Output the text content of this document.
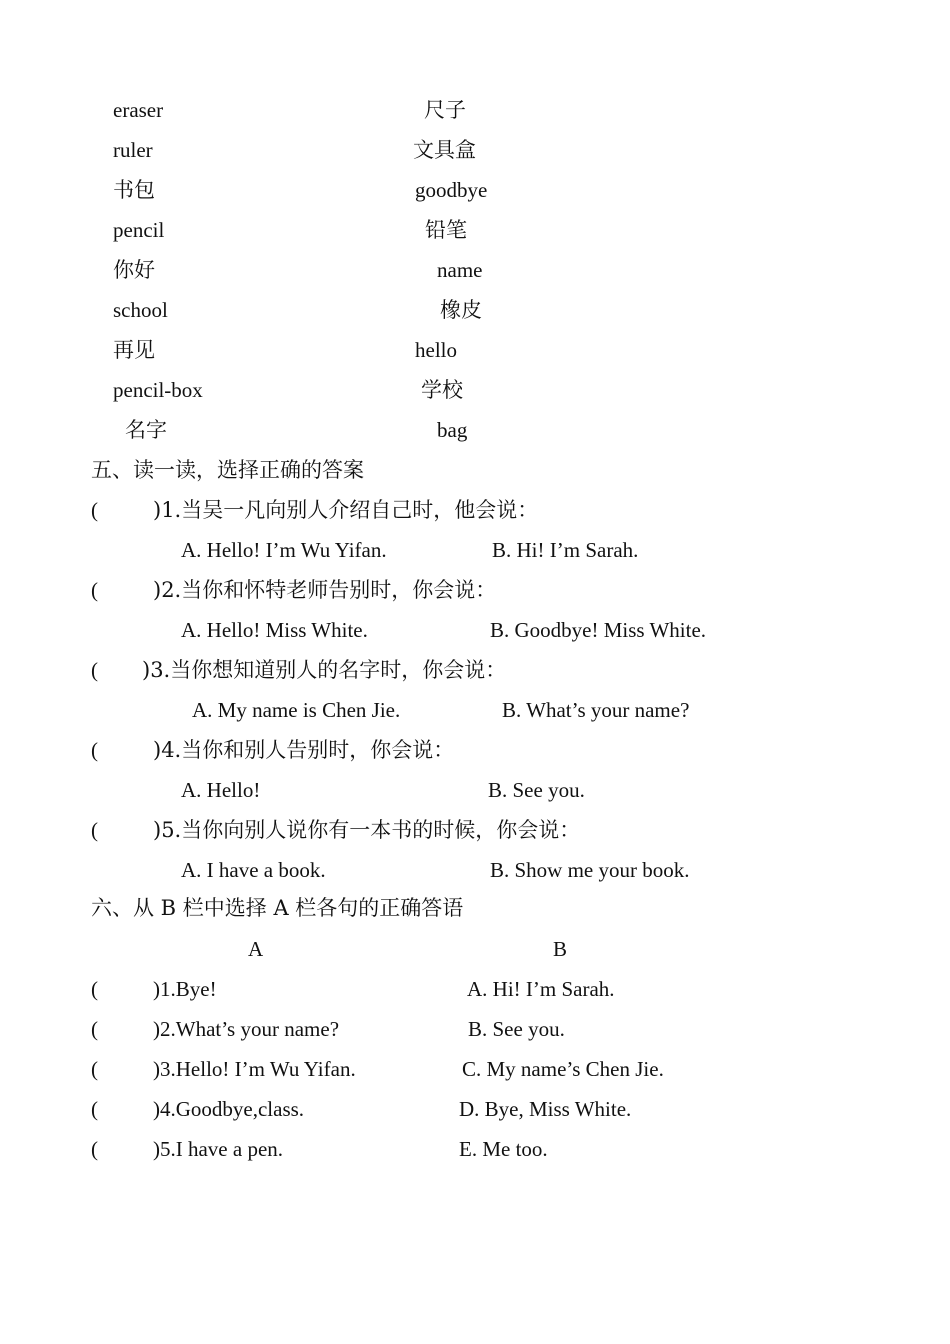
eraser	尺子
ruler	文具盒
书包	goodbye
pencil	铅笔
你好	name
school	橡皮
再见	hello
pencil-box	学校
名字	bag
五、读一读，选择正确的答案
(	)1.当吴一凡向别人介绍自己时，他会说：
A. Hello! I’m Wu Yifan.	B. Hi! I’m Sarah.
(	)2.当你和怀特老师告别时，你会说：
A. Hello! Miss White.	B. Goodbye! Miss White.
( )3.当你想知道别人的名字时，你会说：
A. My name is Chen Jie.	B. What’s your name?
(	)4.当你和别人告别时，你会说：
A. Hello!	B. See you.
(	)5.当你向别人说你有一本书的时候，你会说：
A. I have a book.	B. Show me your book.
六、从 B 栏中选择 A 栏各句的正确答语
A	B
(	)1.Bye!	A. Hi! I’m Sarah.
(	)2.What’s your name?	B. See you.
(	)3.Hello! I’m Wu Yifan.	C. My name’s Chen Jie.
(	)4.Goodbye,class.	D. Bye, Miss White.
(	)5.I have a pen.	E. Me too.
